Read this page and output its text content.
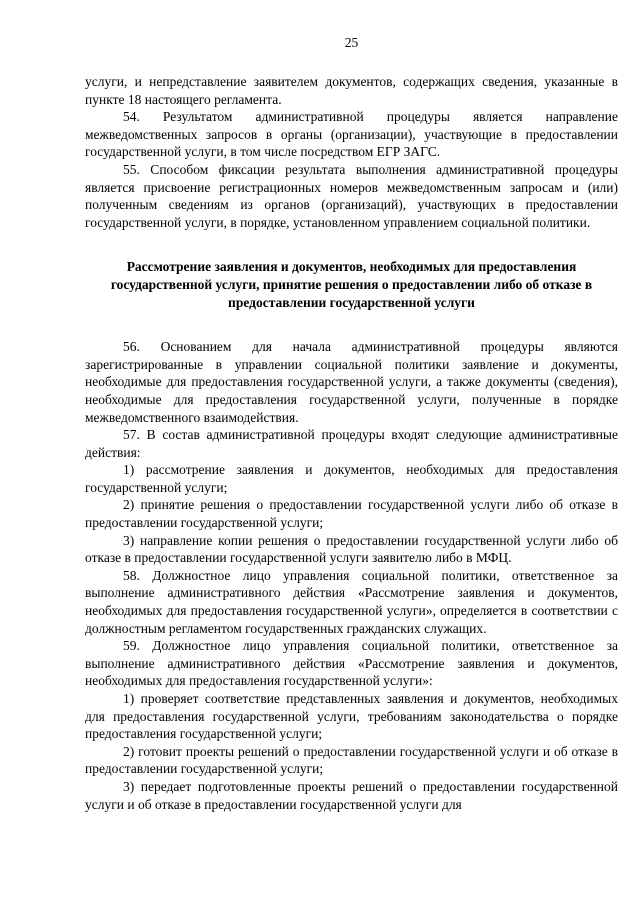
25

услуги, и непредставление заявителем документов, содержащих сведения, указанные в пункте 18 настоящего регламента.

54. Результатом административной процедуры является направление межведомственных запросов в органы (организации), участвующие в предоставлении государственной услуги, в том числе посредством ЕГР ЗАГС.

55. Способом фиксации результата выполнения административной процедуры является присвоение регистрационных номеров межведомственным запросам и (или) полученным сведениям из органов (организаций), участвующих в предоставлении государственной услуги, в порядке, установленном управлением социальной политики.

Рассмотрение заявления и документов, необходимых для предоставления государственной услуги, принятие решения о предоставлении либо об отказе в предоставлении государственной услуги

56. Основанием для начала административной процедуры являются зарегистрированные в управлении социальной политики заявление и документы, необходимые для предоставления государственной услуги, а также документы (сведения), необходимые для предоставления государственной услуги, полученные в порядке межведомственного взаимодействия.

57. В состав административной процедуры входят следующие административные действия:

1) рассмотрение заявления и документов, необходимых для предоставления государственной услуги;

2) принятие решения о предоставлении государственной услуги либо об отказе в предоставлении государственной услуги;

3) направление копии решения о предоставлении государственной услуги либо об отказе в предоставлении государственной услуги заявителю либо в МФЦ.

58. Должностное лицо управления социальной политики, ответственное за выполнение административного действия «Рассмотрение заявления и документов, необходимых для предоставления государственной услуги», определяется в соответствии с должностным регламентом государственных гражданских служащих.

59. Должностное лицо управления социальной политики, ответственное за выполнение административного действия «Рассмотрение заявления и документов, необходимых для предоставления государственной услуги»:

1) проверяет соответствие представленных заявления и документов, необходимых для предоставления государственной услуги, требованиям законодательства о порядке предоставления государственной услуги;

2) готовит проекты решений о предоставлении государственной услуги и об отказе в предоставлении государственной услуги;

3) передает подготовленные проекты решений о предоставлении государственной услуги и об отказе в предоставлении государственной услуги для
